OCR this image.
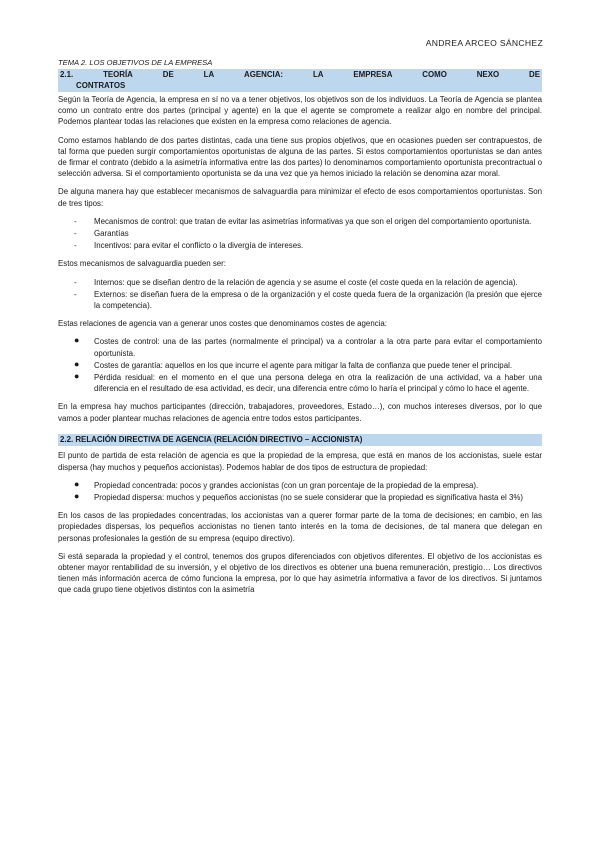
ANDREA ARCEO SÁNCHEZ
TEMA 2. LOS OBJETIVOS DE LA EMPRESA
2.1.	TEORÍA	DE	LA	AGENCIA:	LA	EMPRESA	COMO	NEXO	DE
CONTRATOS

Según la Teoría de Agencia, la empresa en sí no va a tener objetivos, los objetivos son de los individuos. La Teoría de Agencia se plantea como un contrato entre dos partes (principal y agente) en la que el agente se compromete a realizar algo en nombre del principal. Podemos plantear todas las relaciones que existen en la empresa como relaciones de agencia.

Como estamos hablando de dos partes distintas, cada una tiene sus propios objetivos, que en ocasiones pueden ser contrapuestos, de tal forma que pueden surgir comportamientos oportunistas de alguna de las partes. Si estos comportamientos oportunistas se dan antes de firmar el contrato (debido a la asimetría informativa entre las dos partes) lo denominamos comportamiento oportunista precontractual o selección adversa. Si el comportamiento oportunista se da una vez que ya hemos iniciado la relación se denomina azar moral.

De alguna manera hay que establecer mecanismos de salvaguardia para minimizar el efecto de esos comportamientos oportunistas. Son de tres tipos:

- Mecanismos de control: que tratan de evitar las asimetrías informativas ya que son el origen del comportamiento oportunista.
- Garantías
- Incentivos: para evitar el conflicto o la divergía de intereses.

Estos mecanismos de salvaguardia pueden ser:

- Internos: que se diseñan dentro de la relación de agencia y se asume el coste (el coste queda en la relación de agencia).
- Externos: se diseñan fuera de la empresa o de la organización y el coste queda fuera de la organización (la presión que ejerce la competencia).

Estas relaciones de agencia van a generar unos costes que denominamos costes de agencia:

● Costes de control: una de las partes (normalmente el principal) va a controlar a la otra parte para evitar el comportamiento oportunista.
● Costes de garantía: aquellos en los que incurre el agente para mitigar la falta de confianza que puede tener el principal.
● Pérdida residual: en el momento en el que una persona delega en otra la realización de una actividad, va a haber una diferencia en el resultado de esa actividad, es decir, una diferencia entre cómo lo haría el principal y cómo lo hace el agente.

En la empresa hay muchos participantes (dirección, trabajadores, proveedores, Estado…), con muchos intereses diversos, por lo que vamos a poder plantear muchas relaciones de agencia entre todos estos participantes.

2.2. RELACIÓN DIRECTIVA DE AGENCIA (RELACIÓN DIRECTIVO – ACCIONISTA)

El punto de partida de esta relación de agencia es que la propiedad de la empresa, que está en manos de los accionistas, suele estar dispersa (hay muchos y pequeños accionistas). Podemos hablar de dos tipos de estructura de propiedad:

● Propiedad concentrada: pocos y grandes accionistas (con un gran porcentaje de la propiedad de la empresa).
● Propiedad dispersa: muchos y pequeños accionistas (no se suele considerar que la propiedad es significativa hasta el 3%)

En los casos de las propiedades concentradas, los accionistas van a querer formar parte de la toma de decisiones; en cambio, en las propiedades dispersas, los pequeños accionistas no tienen tanto interés en la toma de decisiones, de tal manera que delegan en personas profesionales la gestión de su empresa (equipo directivo).

Si está separada la propiedad y el control, tenemos dos grupos diferenciados con objetivos diferentes. El objetivo de los accionistas es obtener mayor rentabilidad de su inversión, y el objetivo de los directivos es obtener una buena remuneración, prestigio… Los directivos tienen más información acerca de cómo funciona la empresa, por lo que hay asimetría informativa a favor de los directivos. Si juntamos que cada grupo tiene objetivos distintos con la asimetría
